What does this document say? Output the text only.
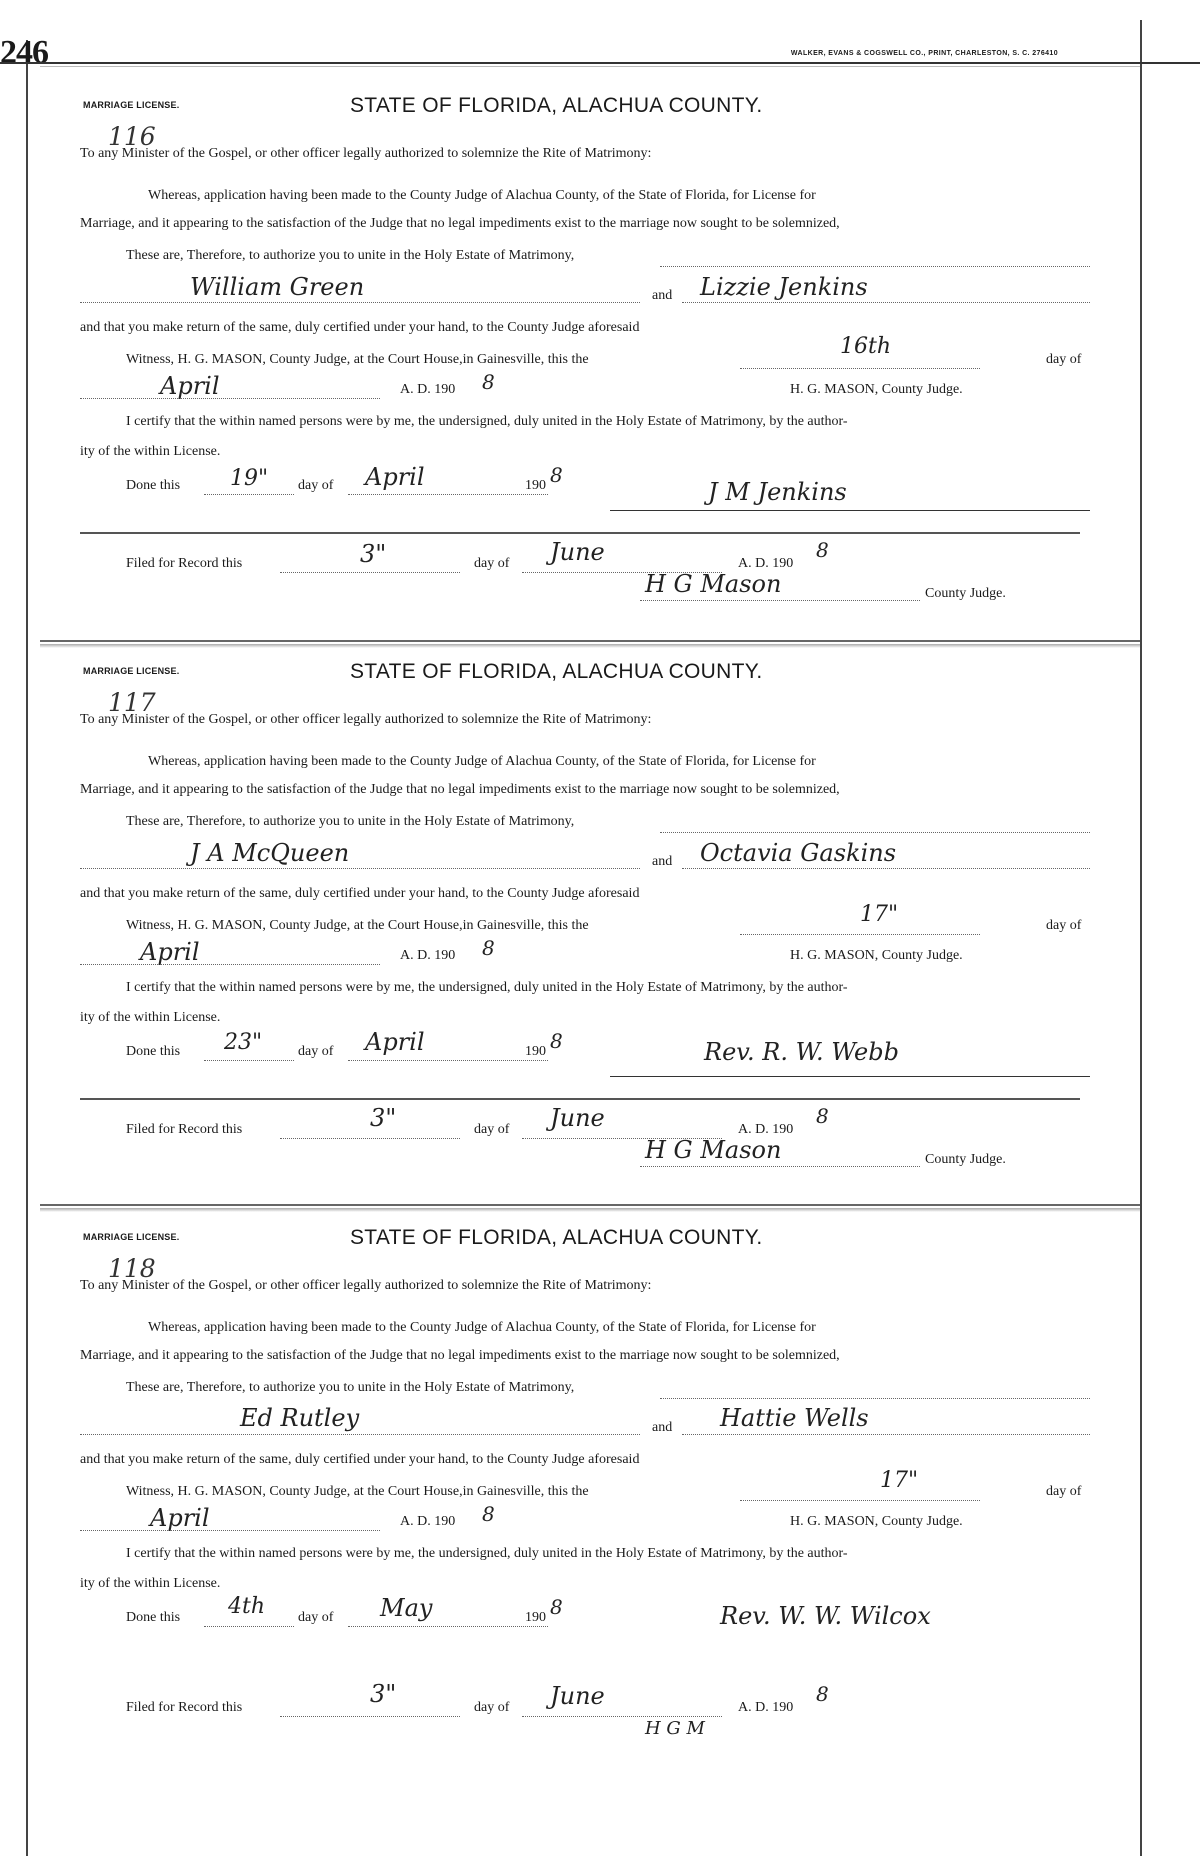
246	WALKER, EVANS & COGSWELL CO., PRINT, CHARLESTON, S. C. 276410
MARRIAGE LICENSE.	STATE OF FLORIDA, ALACHUA COUNTY.
116
To any Minister of the Gospel, or other officer legally authorized to solemnize the Rite of Matrimony:
Whereas, application having been made to the County Judge of Alachua County, of the State of Florida, for License for
Marriage, and it appearing to the satisfaction of the Judge that no legal impediments exist to the marriage now sought to be solemnized,
These are, Therefore, to authorize you to unite in the Holy Estate of Matrimony,
William Green	and Lizzie Jenkins
and that you make return of the same, duly certified under your hand, to the County Judge aforesaid
Witness, H. G. MASON, County Judge, at the Court House,in Gainesville, this the
16th
day of
April	A. D. 190 8	H. G. MASON, County Judge.
I certify that the within named persons were by me, the undersigned, duly united in the Holy Estate of Matrimony, by the author-
ity of the within License.
Done this 19" day of April	190 8
J M Jenkins
Filed for Record this	3"	day of June	A. D. 190
8
H G Mason	County Judge.
MARRIAGE LICENSE.	STATE OF FLORIDA, ALACHUA COUNTY.
117
To any Minister of the Gospel, or other officer legally authorized to solemnize the Rite of Matrimony:
Whereas, application having been made to the County Judge of Alachua County, of the State of Florida, for License for
Marriage, and it appearing to the satisfaction of the Judge that no legal impediments exist to the marriage now sought to be solemnized,
These are, Therefore, to authorize you to unite in the Holy Estate of Matrimony,
J A McQueen	and Octavia Gaskins
and that you make return of the same, duly certified under your hand, to the County Judge aforesaid
Witness, H. G. MASON, County Judge, at the Court House,in Gainesville, this the	17"	day of
April	A. D. 190 8	H. G. MASON, County Judge.
I certify that the within named persons were by me, the undersigned, duly united in the Holy Estate of Matrimony, by the author-
ity of the within License.
Done this 23"	day of April	190 8	Rev. R. W. Webb
Filed for Record this	3"	day of June	A. D. 190
8
H G Mason	County Judge.
MARRIAGE LICENSE.	STATE OF FLORIDA, ALACHUA COUNTY.
118
To any Minister of the Gospel, or other officer legally authorized to solemnize the Rite of Matrimony:
Whereas, application having been made to the County Judge of Alachua County, of the State of Florida, for License for
Marriage, and it appearing to the satisfaction of the Judge that no legal impediments exist to the marriage now sought to be solemnized,
These are, Therefore, to authorize you to unite in the Holy Estate of Matrimony,
Ed Rutley	and Hattie Wells
and that you make return of the same, duly certified under your hand, to the County Judge aforesaid
Witness, H. G. MASON, County Judge, at the Court House,in Gainesville, this the	17"	day of
April	A. D. 190 8	H. G. MASON, County Judge.
I certify that the within named persons were by me, the undersigned, duly united in the Holy Estate of Matrimony, by the author-
ity of the within License.
Done this 4th day of May	190 8	Rev. W. W. Wilcox
Filed for Record this	3"	day of June	A. D. 190
8
H G M
